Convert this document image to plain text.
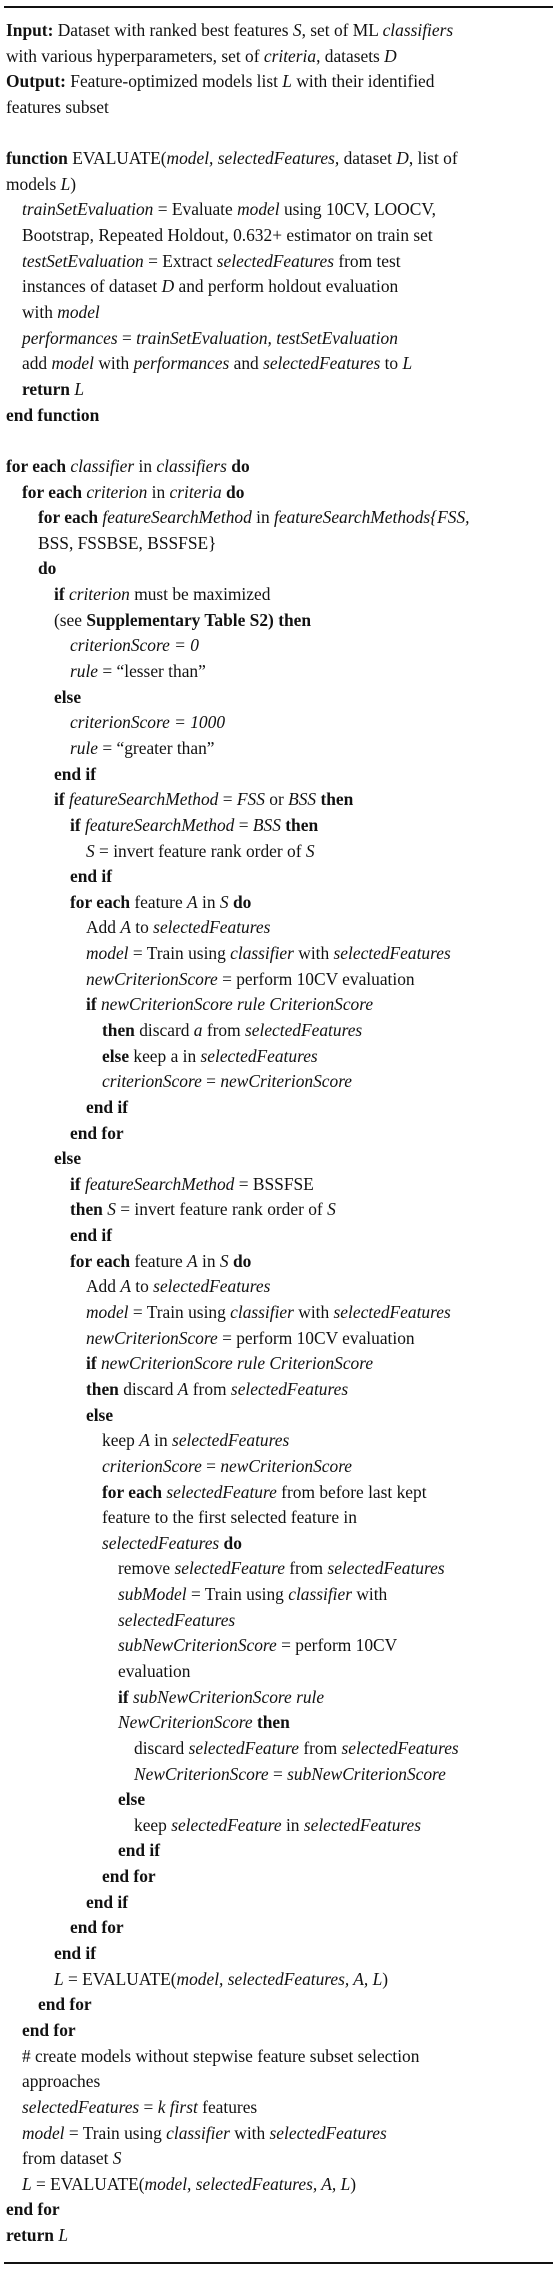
Input: Dataset with ranked best features S, set of ML classifiers
with various hyperparameters, set of criteria, datasets D
Output: Feature-optimized models list L with their identified
features subset
function EVALUATE(model, selectedFeatures, dataset D, list of
models L)
trainSetEvaluation = Evaluate model using 10CV, LOOCV,
Bootstrap, Repeated Holdout, 0.632+ estimator on train set
testSetEvaluation = Extract selectedFeatures from test
instances of dataset D and perform holdout evaluation
with model
performances = trainSetEvaluation, testSetEvaluation
add model with performances and selectedFeatures to L
return L
end function
for each classifier in classifiers do
for each criterion in criteria do
for each featureSearchMethod in featureSearchMethods{FSS,
BSS, FSSBSE, BSSFSE}
do
if criterion must be maximized
(see Supplementary Table S2) then
criterionScore = 0
rule = “lesser than”
else
criterionScore = 1000
rule = “greater than”
end if
if featureSearchMethod = FSS or BSS then
if featureSearchMethod = BSS then
S = invert feature rank order of S
end if
for each feature A in S do
Add A to selectedFeatures
model = Train using classifier with selectedFeatures
newCriterionScore = perform 10CV evaluation
if newCriterionScore rule CriterionScore
then discard a from selectedFeatures
else keep a in selectedFeatures
criterionScore = newCriterionScore
end if
end for
else
if featureSearchMethod = BSSFSE
then S = invert feature rank order of S
end if
for each feature A in S do
Add A to selectedFeatures
model = Train using classifier with selectedFeatures
newCriterionScore = perform 10CV evaluation
if newCriterionScore rule CriterionScore
then discard A from selectedFeatures
else
keep A in selectedFeatures
criterionScore = newCriterionScore
for each selectedFeature from before last kept
feature to the first selected feature in
selectedFeatures do
remove selectedFeature from selectedFeatures
subModel = Train using classifier with
selectedFeatures
subNewCriterionScore = perform 10CV
evaluation
if subNewCriterionScore rule
NewCriterionScore then
discard selectedFeature from selectedFeatures
NewCriterionScore = subNewCriterionScore
else
keep selectedFeature in selectedFeatures
end if
end for
end if
end for
end if
L = EVALUATE(model, selectedFeatures, A, L)
end for
end for
# create models without stepwise feature subset selection
approaches
selectedFeatures = k first features
model = Train using classifier with selectedFeatures
from dataset S
L = EVALUATE(model, selectedFeatures, A, L)
end for
return L
